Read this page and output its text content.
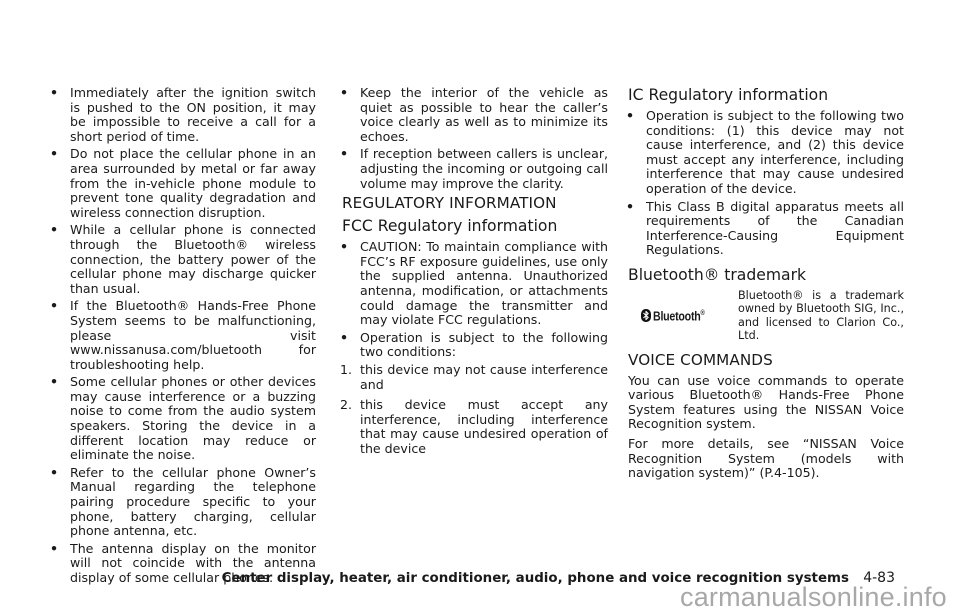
• Immediately after the ignition switch is pushed to the ON position, it may be impossible to receive a call for a short period of time.
• Do not place the cellular phone in an area surrounded by metal or far away from the in-vehicle phone module to prevent tone quality degradation and wireless connection disruption.
• While a cellular phone is connected through the Bluetooth® wireless connection, the battery power of the cellular phone may discharge quicker than usual.
• If the Bluetooth® Hands-Free Phone System seems to be malfunctioning, please visit www.nissanusa.com/bluetooth for troubleshooting help.
• Some cellular phones or other devices may cause interference or a buzzing noise to come from the audio system speakers. Storing the device in a different location may reduce or eliminate the noise.
• Refer to the cellular phone Owner’s Manual regarding the telephone pairing procedure specific to your phone, battery charging, cellular phone antenna, etc.
• The antenna display on the monitor will not coincide with the antenna display of some cellular phones.
• Keep the interior of the vehicle as quiet as possible to hear the caller’s voice clearly as well as to minimize its echoes.
• If reception between callers is unclear, adjusting the incoming or outgoing call volume may improve the clarity.
REGULATORY INFORMATION
FCC Regulatory information
• CAUTION: To maintain compliance with FCC’s RF exposure guidelines, use only the supplied antenna. Unauthorized antenna, modification, or attachments could damage the transmitter and may violate FCC regulations.
• Operation is subject to the following two conditions:
1. this device may not cause interference and
2. this device must accept any interference, including interference that may cause undesired operation of the device
IC Regulatory information
• Operation is subject to the following two conditions: (1) this device may not cause interference, and (2) this device must accept any interference, including interference that may cause undesired operation of the device.
• This Class B digital apparatus meets all requirements of the Canadian Interference-Causing Equipment Regulations.
Bluetooth® trademark
Bluetooth®
Bluetooth® is a trademark owned by Bluetooth SIG, Inc., and licensed to Clarion Co., Ltd.
VOICE COMMANDS

You can use voice commands to operate various Bluetooth® Hands-Free Phone System features using the NISSAN Voice Recognition system.

For more details, see “NISSAN Voice Recognition System (models with navigation system)” (P.4-105).

Center display, heater, air conditioner, audio, phone and voice recognition systems 4-83
carmanualsonline.info
